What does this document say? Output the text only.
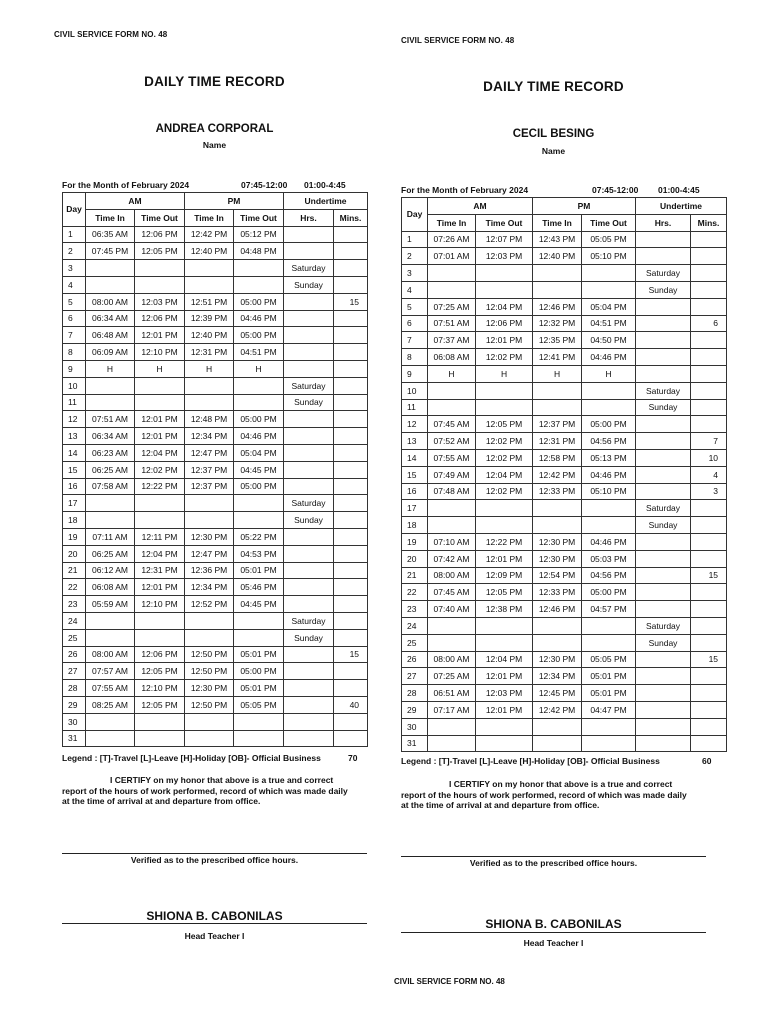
CIVIL SERVICE FORM NO. 48
DAILY TIME RECORD
ANDREA CORPORAL
Name
For the Month of February 2024	07:45-12:00 01:00-4:45
Day	AM		PM		Undertime	
	Time In	Time Out	Time In	Time Out	Hrs.	Mins.
1	06:35 AM	12:06 PM	12:42 PM	05:12 PM		
2	07:45 PM	12:05 PM	12:40 PM	04:48 PM		
3					Saturday	
4					Sunday	
5	08:00 AM	12:03 PM	12:51 PM	05:00 PM		15
6	06:34 AM	12:06 PM	12:39 PM	04:46 PM		
7	06:48 AM	12:01 PM	12:40 PM	05:00 PM		
8	06:09 AM	12:10 PM	12:31 PM	04:51 PM		
9	H	H	H	H		
10					Saturday	
11					Sunday	
12	07:51 AM	12:01 PM	12:48 PM	05:00 PM		
13	06:34 AM	12:01 PM	12:34 PM	04:46 PM		
14	06:23 AM	12:04 PM	12:47 PM	05:04 PM		
15	06:25 AM	12:02 PM	12:37 PM	04:45 PM		
16	07:58 AM	12:22 PM	12:37 PM	05:00 PM		
17					Saturday	
18					Sunday	
19	07:11 AM	12:11 PM	12:30 PM	05:22 PM		
20	06:25 AM	12:04 PM	12:47 PM	04:53 PM		
21	06:12 AM	12:31 PM	12:36 PM	05:01 PM		
22	06:08 AM	12:01 PM	12:34 PM	05:46 PM		
23	05:59 AM	12:10 PM	12:52 PM	04:45 PM		
24					Saturday	
25					Sunday	
26	08:00 AM	12:06 PM	12:50 PM	05:01 PM		15
27	07:57 AM	12:05 PM	12:50 PM	05:00 PM		
28	07:55 AM	12:10 PM	12:30 PM	05:01 PM		
29	08:25 AM	12:05 PM	12:50 PM	05:05 PM		40
30						
31						
Legend : [T]-Travel [L]-Leave [H]-Holiday [OB]- Official Business	70
I CERTIFY on my honor that above is a true and correct report of the hours of work performed, record of which was made daily at the time of arrival at and departure from office.
Verified as to the prescribed office hours.
SHIONA B. CABONILAS
Head Teacher I
CIVIL SERVICE FORM NO. 48
DAILY TIME RECORD
CECIL BESING
Name
For the Month of February 2024	07:45-12:00 01:00-4:45
Day	AM		PM		Undertime	
	Time In	Time Out	Time In	Time Out	Hrs.	Mins.
1	07:26 AM	12:07 PM	12:43 PM	05:05 PM		
2	07:01 AM	12:03 PM	12:40 PM	05:10 PM		
3					Saturday	
4					Sunday	
5	07:25 AM	12:04 PM	12:46 PM	05:04 PM		
6	07:51 AM	12:06 PM	12:32 PM	04:51 PM		6
7	07:37 AM	12:01 PM	12:35 PM	04:50 PM		
8	06:08 AM	12:02 PM	12:41 PM	04:46 PM		
9	H	H	H	H		
10					Saturday	
11					Sunday	
12	07:45 AM	12:05 PM	12:37 PM	05:00 PM		
13	07:52 AM	12:02 PM	12:31 PM	04:56 PM		7
14	07:55 AM	12:02 PM	12:58 PM	05:13 PM		10
15	07:49 AM	12:04 PM	12:42 PM	04:46 PM		4
16	07:48 AM	12:02 PM	12:33 PM	05:10 PM		3
17					Saturday	
18					Sunday	
19	07:10 AM	12:22 PM	12:30 PM	04:46 PM		
20	07:42 AM	12:01 PM	12:30 PM	05:03 PM		
21	08:00 AM	12:09 PM	12:54 PM	04:56 PM		15
22	07:45 AM	12:05 PM	12:33 PM	05:00 PM		
23	07:40 AM	12:38 PM	12:46 PM	04:57 PM		
24					Saturday	
25					Sunday	
26	08:00 AM	12:04 PM	12:30 PM	05:05 PM		15
27	07:25 AM	12:01 PM	12:34 PM	05:01 PM		
28	06:51 AM	12:03 PM	12:45 PM	05:01 PM		
29	07:17 AM	12:01 PM	12:42 PM	04:47 PM		
30						
31						
Legend : [T]-Travel [L]-Leave [H]-Holiday [OB]- Official Business	60
I CERTIFY on my honor that above is a true and correct report of the hours of work performed, record of which was made daily at the time of arrival at and departure from office.
Verified as to the prescribed office hours.
SHIONA B. CABONILAS
Head Teacher I
CIVIL SERVICE FORM NO. 48
